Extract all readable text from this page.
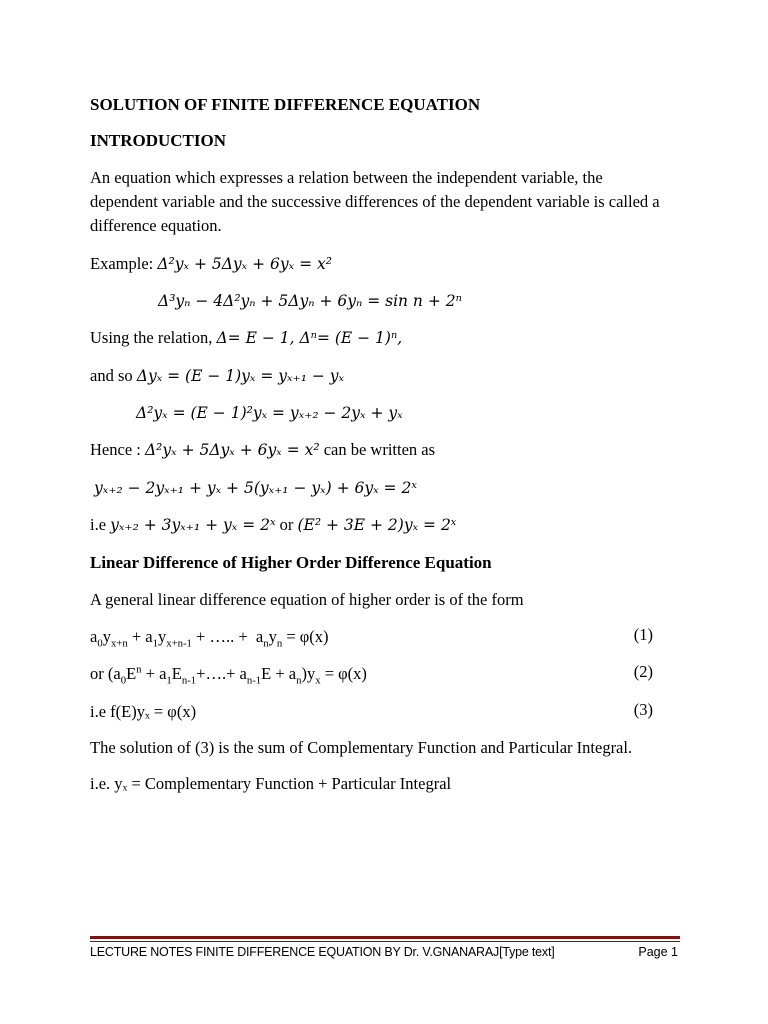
SOLUTION OF FINITE DIFFERENCE EQUATION
INTRODUCTION
An equation which expresses a relation between the independent variable, the dependent variable and the successive differences of the dependent variable is called a difference equation.
Example: Δ²yₓ + 5Δyₓ + 6yₓ = x²
Δ³yₙ − 4Δ²yₙ + 5Δyₙ + 6yₙ = sin n + 2ⁿ
Using the relation, Δ= E − 1, Δⁿ= (E − 1)ⁿ,
and so Δyₓ = (E − 1)yₓ = yₓ₊₁ − yₓ
Δ²yₓ = (E − 1)²yₓ = yₓ₊₂ − 2yₓ + yₓ
Hence : Δ²yₓ + 5Δyₓ + 6yₓ = x² can be written as
yₓ₊₂ − 2yₓ₊₁ + yₓ + 5(yₓ₊₁ − yₓ) + 6yₓ = 2ˣ
i.e yₓ₊₂ + 3yₓ₊₁ + yₓ = 2ˣ or (E² + 3E + 2)yₓ = 2ˣ
Linear Difference of Higher Order Difference Equation
A general linear difference equation of higher order is of the form
$a_0y_{x+n} + a_1y_{x+n-1}$ + ….. +  $a_ny_n = \varphi(x)$	(1)
or ($a_0E^n$ + $a_1E_{n-1}+\dots.+ a_{n-1}E + a_n)y_x = \varphi(x)$	(2)
i.e f(E)yₓ = φ(x)	(3)
The solution of (3) is the sum of Complementary Function and Particular Integral.
i.e. yₓ = Complementary Function + Particular Integral
LECTURE NOTES FINITE DIFFERENCE EQUATION BY Dr. V.GNANARAJ[Type text]	Page 1
